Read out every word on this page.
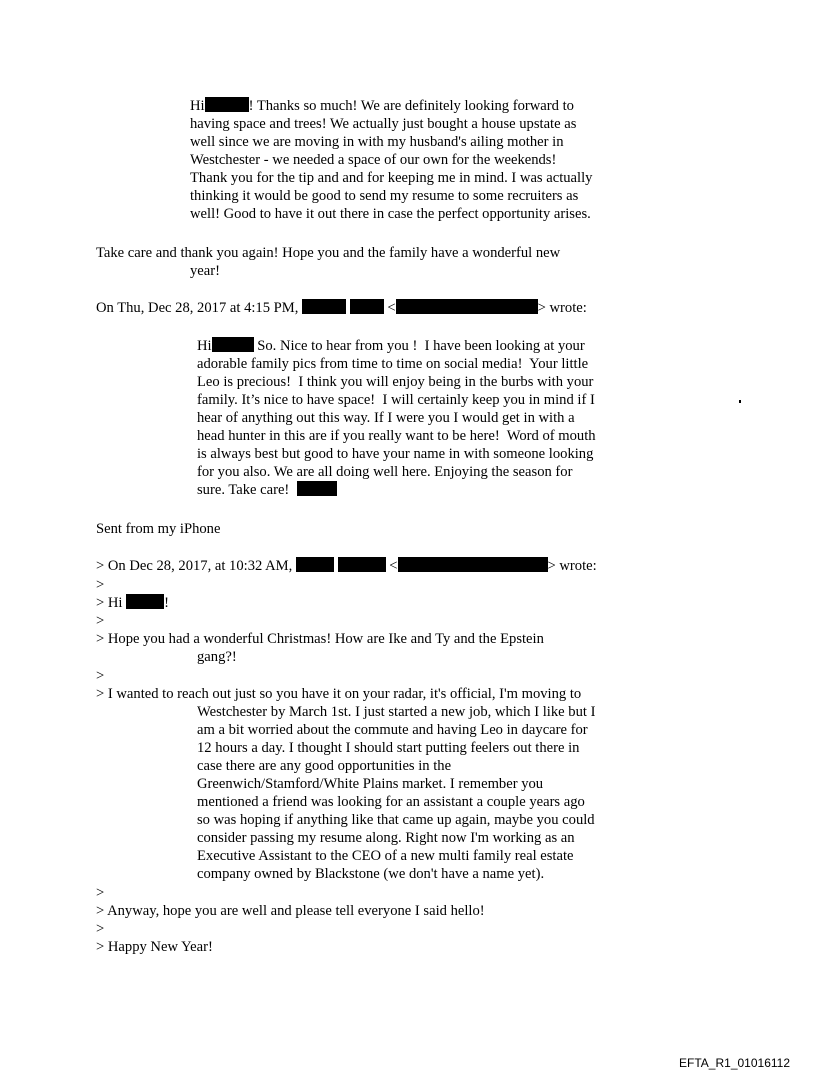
Hi	! Thanks so much! We are definitely looking forward to
having space and trees! We actually just bought a house upstate as
well since we are moving in with my husband's ailing mother in
Westchester - we needed a space of our own for the weekends!
Thank you for the tip and and for keeping me in mind. I was actually
thinking it would be good to send my resume to some recruiters as
well! Good to have it out there in case the perfect opportunity arises.
Take care and thank you again! Hope you and the family have a wonderful new
year!
On Thu, Dec 28, 2017 at 4:15 PM,	<	> wrote:
Hi	So. Nice to hear from you !  I have been looking at your
adorable family pics from time to time on social media!  Your little
Leo is precious!  I think you will enjoy being in the burbs with your
family. It’s nice to have space!  I will certainly keep you in mind if I
hear of anything out this way. If I were you I would get in with a
head hunter in this are if you really want to be here!  Word of mouth
is always best but good to have your name in with someone looking
for you also. We are all doing well here. Enjoying the season for
sure. Take care!
Sent from my iPhone
> On Dec 28, 2017, at 10:32 AM,	<	> wrote:
>
> Hi	!
>
> Hope you had a wonderful Christmas! How are Ike and Ty and the Epstein
gang?!
>
> I wanted to reach out just so you have it on your radar, it's official, I'm moving to
Westchester by March 1st. I just started a new job, which I like but I
am a bit worried about the commute and having Leo in daycare for
12 hours a day. I thought I should start putting feelers out there in
case there are any good opportunities in the
Greenwich/Stamford/White Plains market. I remember you
mentioned a friend was looking for an assistant a couple years ago
so was hoping if anything like that came up again, maybe you could
consider passing my resume along. Right now I'm working as an
Executive Assistant to the CEO of a new multi family real estate
company owned by Blackstone (we don't have a name yet).
>
> Anyway, hope you are well and please tell everyone I said hello!
>
> Happy New Year!
EFTA_R1_01016112
